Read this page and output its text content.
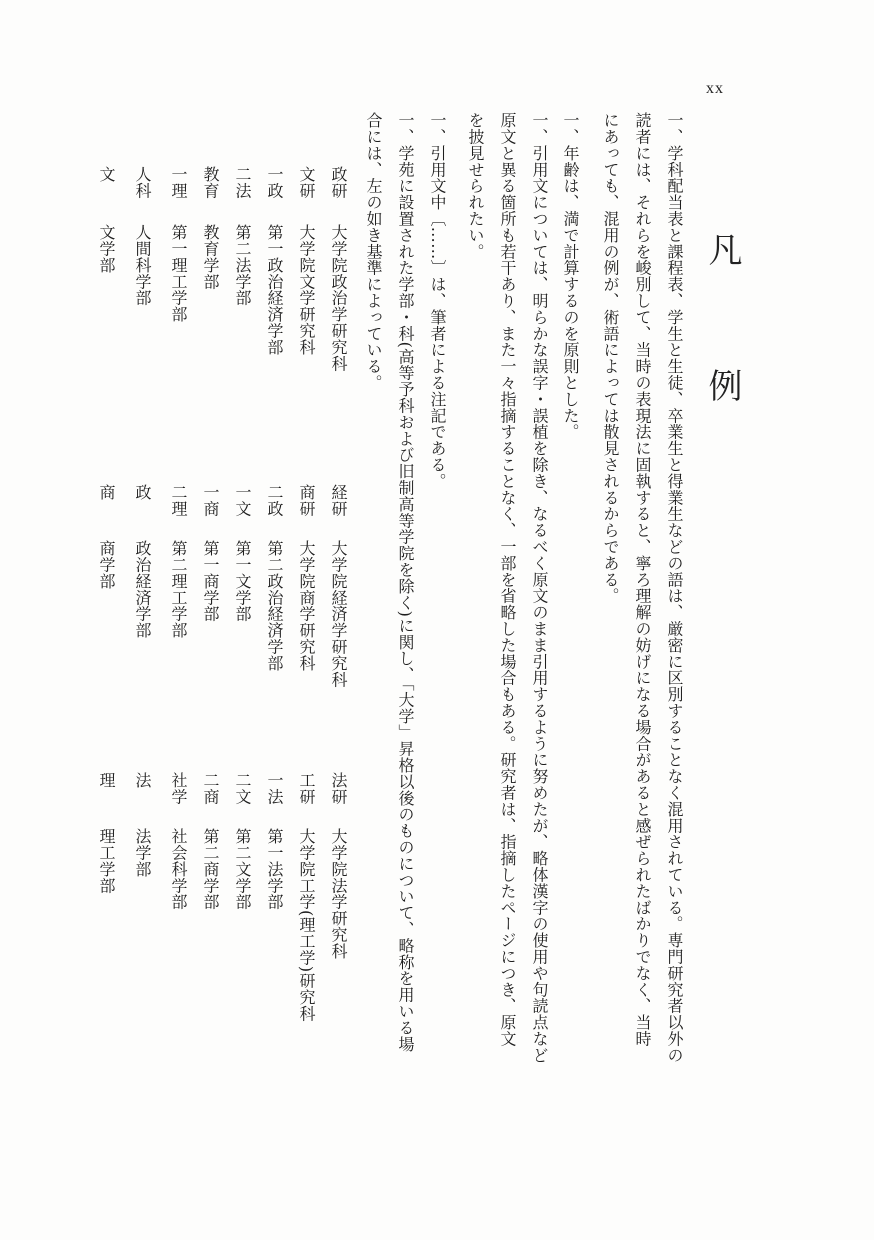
xx
凡　例
一、学科配当表と課程表、学生と生徒、卒業生と得業生などの語は、厳密に区別することなく混用されている。専門研究者以外の
読者には、それらを峻別して、当時の表現法に固執すると、寧ろ理解の妨げになる場合があると感ぜられたばかりでなく、当時
にあっても、混用の例が、術語によっては散見されるからである。
一、年齢は、満で計算するのを原則とした。
一、引用文については、明らかな誤字・誤植を除き、なるべく原文のまま引用するように努めたが、略体漢字の使用や句読点など
原文と異る箇所も若干あり、また一々指摘することなく、一部を省略した場合もある。研究者は、指摘したページにつき、原文
を披見せられたい。
一、引用文中〔……〕は、筆者による注記である。
一、学苑に設置された学部・科(高等予科および旧制高等学院を除く)に関し、「大学」昇格以後のものについて、略称を用いる場
合には、左の如き基準によっている。
政研
大学院政治学研究科
経研
大学院経済学研究科
法研
大学院法学研究科
文研
大学院文学研究科
商研
大学院商学研究科
工研
大学院工学(理工学)研究科
一政
第一政治経済学部
二政
第二政治経済学部
一法
第一法学部
二法
第二法学部
一文
第一文学部
二文
第二文学部
教育
教育学部
一商
第一商学部
二商
第二商学部
一理
第一理工学部
二理
第二理工学部
社学
社会科学部
人科
人間科学部
政
政治経済学部
法
法学部
文
文学部
商
商学部
理
理工学部
